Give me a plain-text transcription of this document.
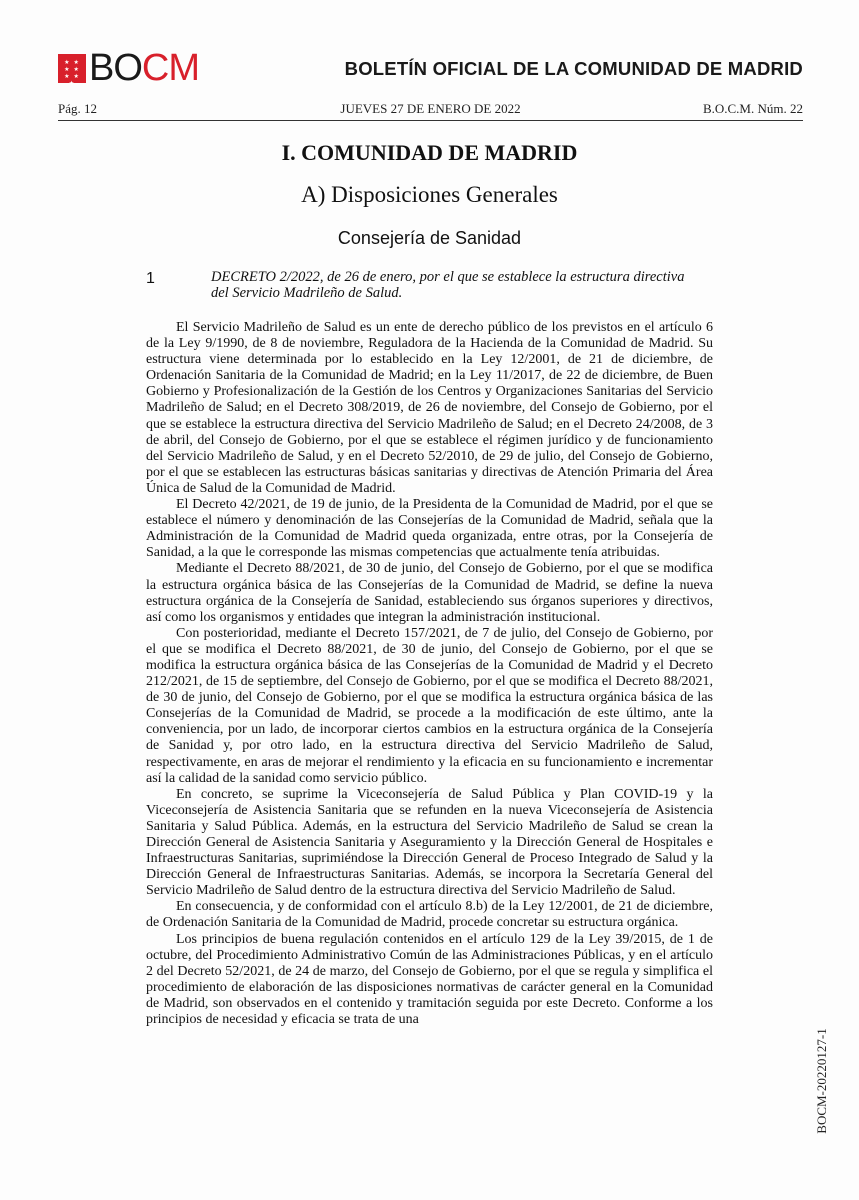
★ ★ ★ ★
★ ★ ★ BOCM	BOLETÍN OFICIAL DE LA COMUNIDAD DE MADRID
Pág. 12	JUEVES 27 DE ENERO DE 2022	B.O.C.M. Núm. 22
I. COMUNIDAD DE MADRID
A) Disposiciones Generales
Consejería de Sanidad
1	DECRETO 2/2022, de 26 de enero, por el que se establece la estructura directiva

del Servicio Madrileño de Salud.

El Servicio Madrileño de Salud es un ente de derecho público de los previstos en el artículo 6 de la Ley 9/1990, de 8 de noviembre, Reguladora de la Hacienda de la Comunidad de Madrid. Su estructura viene determinada por lo establecido en la Ley 12/2001, de 21 de diciembre, de Ordenación Sanitaria de la Comunidad de Madrid; en la Ley 11/2017, de 22 de diciembre, de Buen Gobierno y Profesionalización de la Gestión de los Centros y Organizaciones Sanitarias del Servicio Madrileño de Salud; en el Decreto 308/2019, de 26 de noviembre, del Consejo de Gobierno, por el que se establece la estructura directiva del Servicio Madrileño de Salud; en el Decreto 24/2008, de 3 de abril, del Consejo de Gobierno, por el que se establece el régimen jurídico y de funcionamiento del Servicio Madrileño de Salud, y en el Decreto 52/2010, de 29 de julio, del Consejo de Gobierno, por el que se establecen las estructuras básicas sanitarias y directivas de Atención Primaria del Área Única de Salud de la Comunidad de Madrid.

El Decreto 42/2021, de 19 de junio, de la Presidenta de la Comunidad de Madrid, por el que se establece el número y denominación de las Consejerías de la Comunidad de Madrid, señala que la Administración de la Comunidad de Madrid queda organizada, entre otras, por la Consejería de Sanidad, a la que le corresponde las mismas competencias que actualmente tenía atribuidas.

Mediante el Decreto 88/2021, de 30 de junio, del Consejo de Gobierno, por el que se modifica la estructura orgánica básica de las Consejerías de la Comunidad de Madrid, se define la nueva estructura orgánica de la Consejería de Sanidad, estableciendo sus órganos superiores y directivos, así como los organismos y entidades que integran la administración institucional.

Con posterioridad, mediante el Decreto 157/2021, de 7 de julio, del Consejo de Gobierno, por el que se modifica el Decreto 88/2021, de 30 de junio, del Consejo de Gobierno, por el que se modifica la estructura orgánica básica de las Consejerías de la Comunidad de Madrid y el Decreto 212/2021, de 15 de septiembre, del Consejo de Gobierno, por el que se modifica el Decreto 88/2021, de 30 de junio, del Consejo de Gobierno, por el que se modifica la estructura orgánica básica de las Consejerías de la Comunidad de Madrid, se procede a la modificación de este último, ante la conveniencia, por un lado, de incorporar ciertos cambios en la estructura orgánica de la Consejería de Sanidad y, por otro lado, en la estructura directiva del Servicio Madrileño de Salud, respectivamente, en aras de mejorar el rendimiento y la eficacia en su funcionamiento e incrementar así la calidad de la sanidad como servicio público.

En concreto, se suprime la Viceconsejería de Salud Pública y Plan COVID-19 y la Viceconsejería de Asistencia Sanitaria que se refunden en la nueva Viceconsejería de Asistencia Sanitaria y Salud Pública. Además, en la estructura del Servicio Madrileño de Salud se crean la Dirección General de Asistencia Sanitaria y Aseguramiento y la Dirección General de Hospitales e Infraestructuras Sanitarias, suprimiéndose la Dirección General de Proceso Integrado de Salud y la Dirección General de Infraestructuras Sanitarias. Además, se incorpora la Secretaría General del Servicio Madrileño de Salud dentro de la estructura directiva del Servicio Madrileño de Salud.

En consecuencia, y de conformidad con el artículo 8.b) de la Ley 12/2001, de 21 de diciembre, de Ordenación Sanitaria de la Comunidad de Madrid, procede concretar su estructura orgánica.

Los principios de buena regulación contenidos en el artículo 129 de la Ley 39/2015, de 1 de octubre, del Procedimiento Administrativo Común de las Administraciones Públicas, y en el artículo 2 del Decreto 52/2021, de 24 de marzo, del Consejo de Gobierno, por el que se regula y simplifica el procedimiento de elaboración de las disposiciones normativas de carácter general en la Comunidad de Madrid, son observados en el contenido y tramitación seguida por este Decreto. Conforme a los principios de necesidad y eficacia se trata de una

BOCM-20220127-1
